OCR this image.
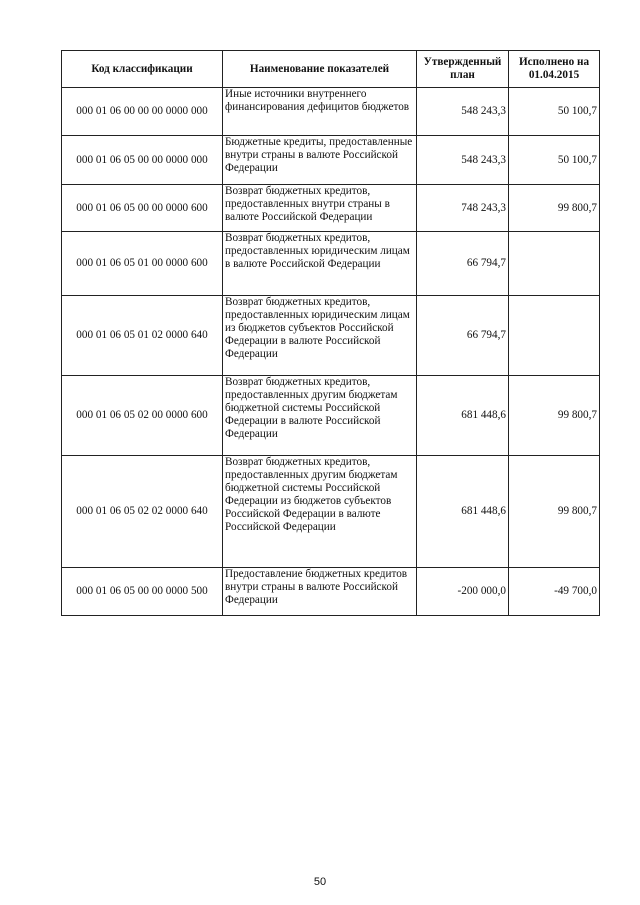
Код классификации	Наименование показателей	Утвержденный план	Исполнено на 01.04.2015
000 01 06 00 00 00 0000 000	Иные источники внутреннего финансирования дефицитов бюджетов	548 243,3	50 100,7
000 01 06 05 00 00 0000 000	Бюджетные кредиты, предоставленные внутри страны в валюте Российской Федерации	548 243,3	50 100,7
000 01 06 05 00 00 0000 600	Возврат бюджетных кредитов, предоставленных внутри страны в валюте Российской Федерации	748 243,3	99 800,7
000 01 06 05 01 00 0000 600	Возврат бюджетных кредитов, предоставленных юридическим лицам в валюте Российской Федерации	66 794,7	
000 01 06 05 01 02 0000 640	Возврат бюджетных кредитов, предоставленных юридическим лицам из бюджетов субъектов Российской Федерации в валюте Российской Федерации	66 794,7	
000 01 06 05 02 00 0000 600	Возврат бюджетных кредитов, предоставленных другим бюджетам бюджетной системы Российской Федерации в валюте Российской Федерации	681 448,6	99 800,7
000 01 06 05 02 02 0000 640	Возврат бюджетных кредитов, предоставленных другим бюджетам бюджетной системы Российской Федерации из бюджетов субъектов Российской Федерации в валюте Российской Федерации	681 448,6	99 800,7
000 01 06 05 00 00 0000 500	Предоставление бюджетных кредитов внутри страны в валюте Российской Федерации	-200 000,0	-49 700,0
50
